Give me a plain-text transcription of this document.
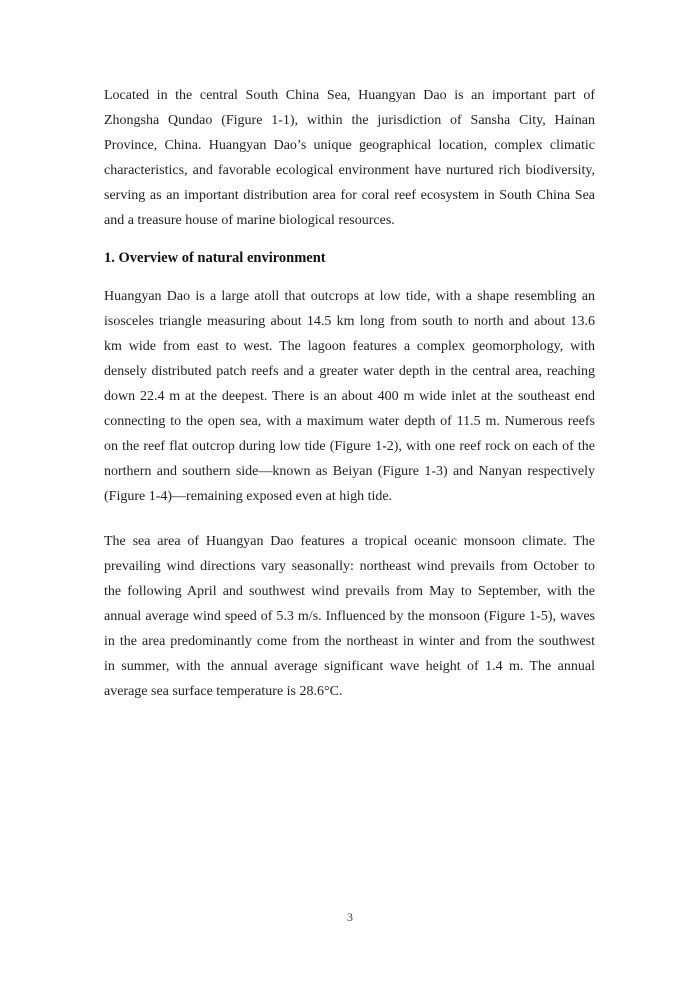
Located in the central South China Sea, Huangyan Dao is an important part of
Zhongsha Qundao (Figure 1-1), within the jurisdiction of Sansha City, Hainan
Province, China. Huangyan Dao’s unique geographical location, complex climatic
characteristics, and favorable ecological environment have nurtured rich biodiversity,
serving as an important distribution area for coral reef ecosystem in South China Sea
and a treasure house of marine biological resources.
1. Overview of natural environment
Huangyan Dao is a large atoll that outcrops at low tide, with a shape resembling an
isosceles triangle measuring about 14.5 km long from south to north and about 13.6
km wide from east to west. The lagoon features a complex geomorphology, with
densely distributed patch reefs and a greater water depth in the central area, reaching
down 22.4 m at the deepest. There is an about 400 m wide inlet at the southeast end
connecting to the open sea, with a maximum water depth of 11.5 m. Numerous reefs
on the reef flat outcrop during low tide (Figure 1-2), with one reef rock on each of the
northern and southern side—known as Beiyan (Figure 1-3) and Nanyan respectively
(Figure 1-4)—remaining exposed even at high tide.
The sea area of Huangyan Dao features a tropical oceanic monsoon climate. The
prevailing wind directions vary seasonally: northeast wind prevails from October to
the following April and southwest wind prevails from May to September, with the
annual average wind speed of 5.3 m/s. Influenced by the monsoon (Figure 1-5), waves
in the area predominantly come from the northeast in winter and from the southwest
in summer, with the annual average significant wave height of 1.4 m. The annual
average sea surface temperature is 28.6°C.
3
